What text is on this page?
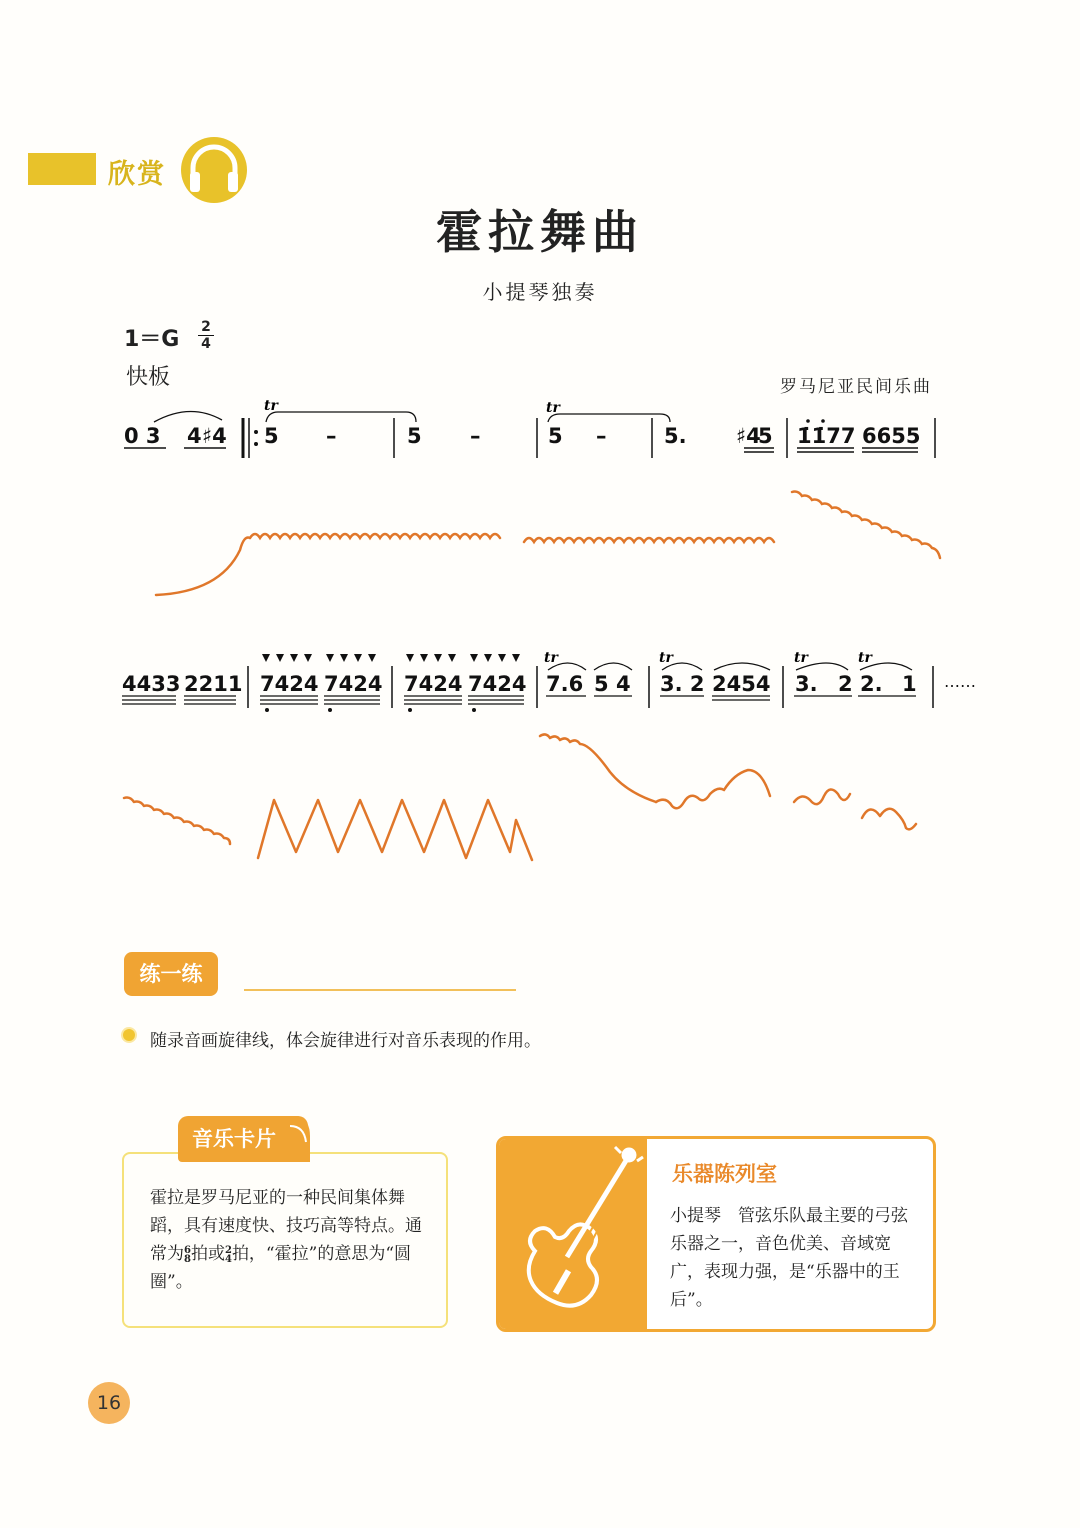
欣赏
霍拉舞曲
小提琴独奏
1＝G 2
4
快板	罗马尼亚民间乐曲
tr	tr
0 3 4 ♯4 5 –	5 –	5 –	5. ♯4
5 1̇1̇77 6655
tr	tr	tr	tr
4433 2211 7424 7424 7424 7424 7.6 5 4 3. 2 2454 3. 2 2. 1 ……
练一练
随录音画旋律线，体会旋律进行对音乐表现的作用。
音乐卡片
霍拉是罗马尼亚的一种民间集体舞蹈，具有速度快、技巧高等特点。通常为6
8拍或2
4拍，“霍拉”的意思为“圆圈”。
乐器陈列室
小提琴　管弦乐队最主要的弓弦乐器之一，音色优美、音域宽广，表现力强，是“乐器中的王后”。
16
